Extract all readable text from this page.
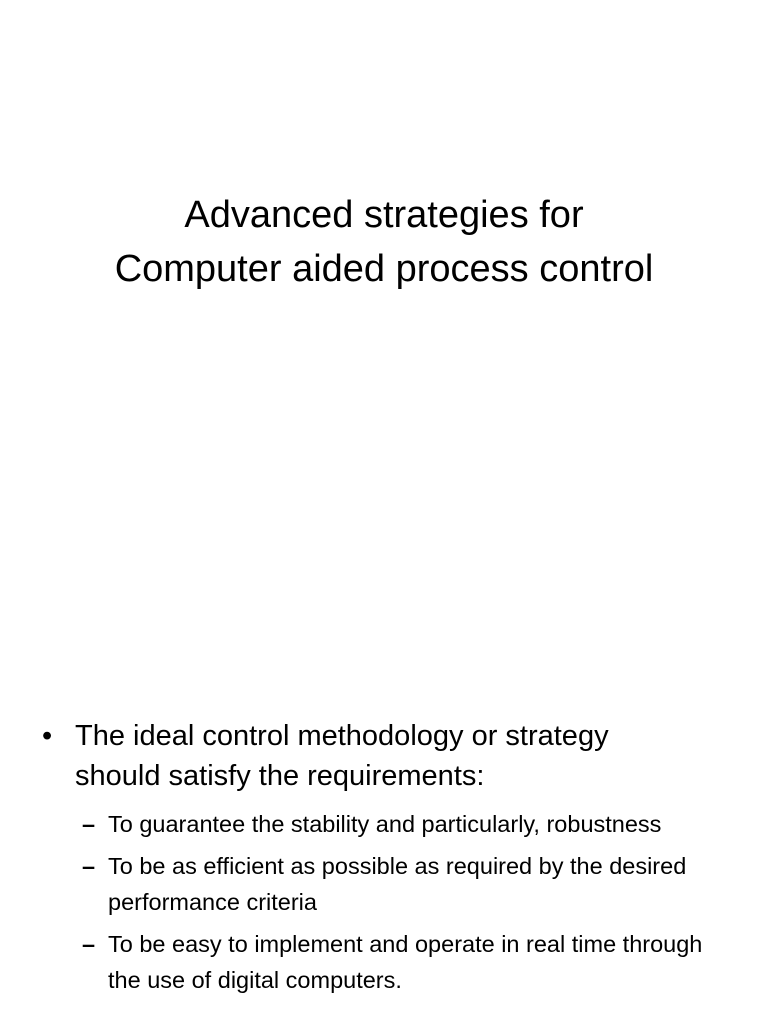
Advanced strategies for
Computer aided process control
• The ideal control methodology or strategy should satisfy the requirements:
– To guarantee the stability and particularly, robustness
– To be as efficient as possible as required by the desired performance criteria
– To be easy to implement and operate in real time through the use of digital computers.
